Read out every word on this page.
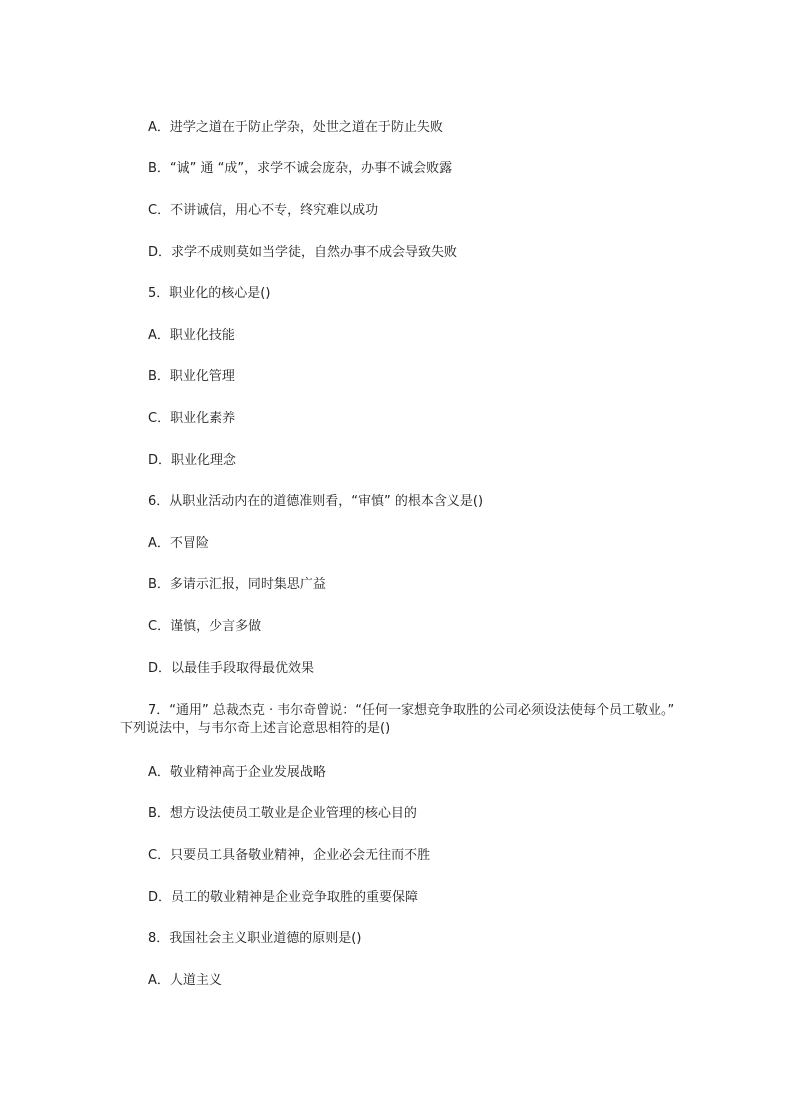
A．进学之道在于防止学杂，处世之道在于防止失败
B．“诚” 通 “成”，求学不诚会庞杂，办事不诚会败露
C．不讲诚信，用心不专，终究难以成功
D．求学不成则莫如当学徒，自然办事不成会导致失败
5．职业化的核心是()
A．职业化技能
B．职业化管理
C．职业化素养
D．职业化理念
6．从职业活动内在的道德准则看，“审慎” 的根本含义是()
A．不冒险
B．多请示汇报，同时集思广益
C．谨慎，少言多做
D．以最佳手段取得最优效果
7．“通用” 总裁杰克 · 韦尔奇曾说：“任何一家想竞争取胜的公司必须设法使每个员工敬业。” 下列说法中，与韦尔奇上述言论意思相符的是()
A．敬业精神高于企业发展战略
B．想方设法使员工敬业是企业管理的核心目的
C．只要员工具备敬业精神，企业必会无往而不胜
D．员工的敬业精神是企业竞争取胜的重要保障
8．我国社会主义职业道德的原则是()
A．人道主义
